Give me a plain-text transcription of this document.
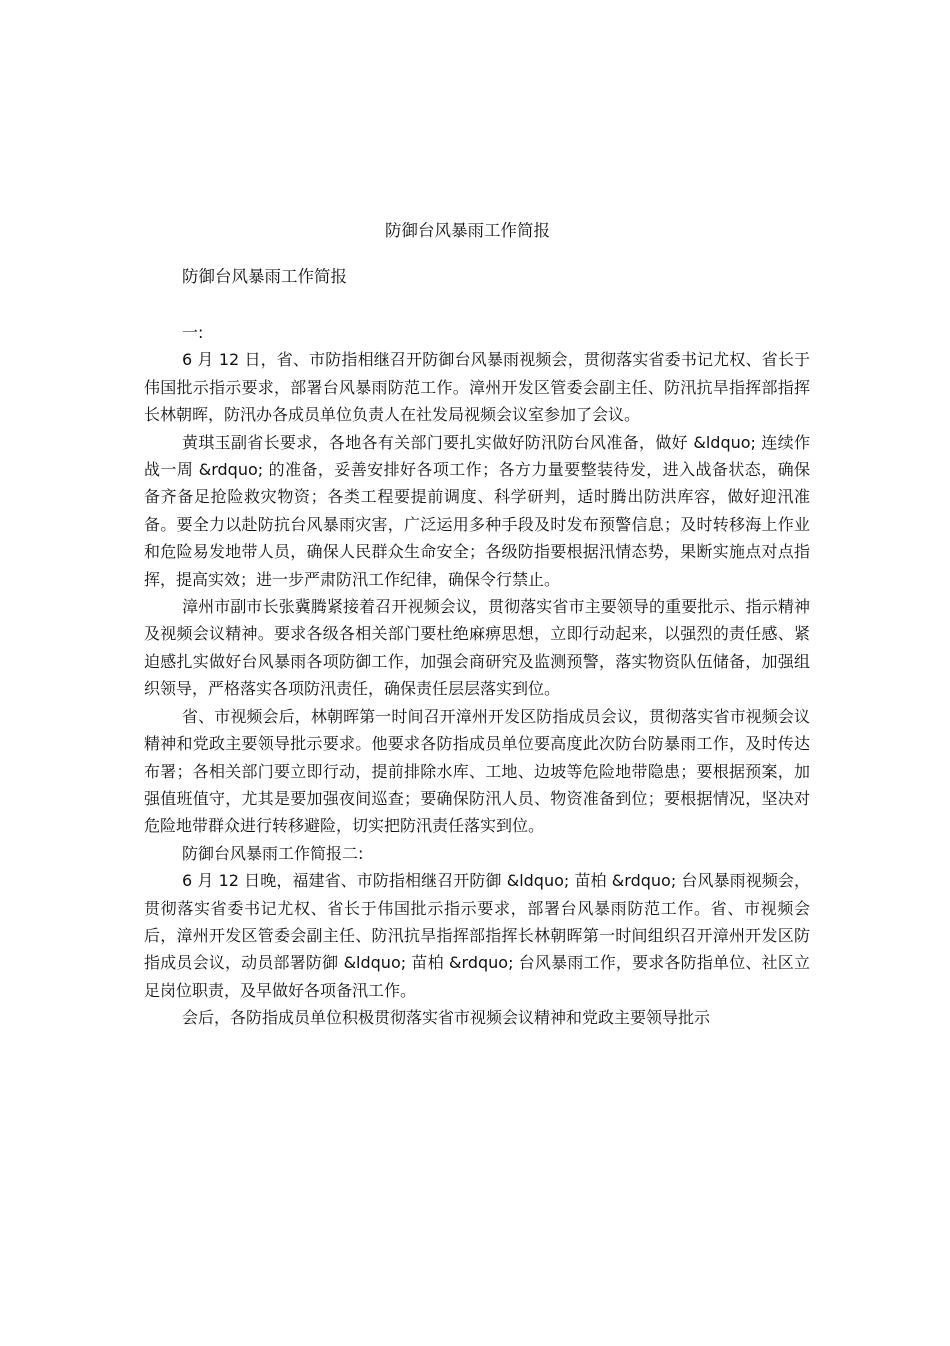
防御台风暴雨工作简报
防御台风暴雨工作简报

一:

6 月 12 日，省、市防指相继召开防御台风暴雨视频会，贯彻落实省委书记尤权、省长于伟国批示指示要求，部署台风暴雨防范工作。漳州开发区管委会副主任、防汛抗旱指挥部指挥长林朝晖，防汛办各成员单位负责人在社发局视频会议室参加了会议。

黄琪玉副省长要求，各地各有关部门要扎实做好防汛防台风准备，做好 &ldquo; 连续作战一周 &rdquo; 的准备，妥善安排好各项工作；各方力量要整装待发，进入战备状态，确保备齐备足抢险救灾物资；各类工程要提前调度、科学研判，适时腾出防洪库容，做好迎汛准备。要全力以赴防抗台风暴雨灾害，广泛运用多种手段及时发布预警信息；及时转移海上作业和危险易发地带人员，确保人民群众生命安全；各级防指要根据汛情态势，果断实施点对点指挥，提高实效；进一步严肃防汛工作纪律，确保令行禁止。

漳州市副市长张冀腾紧接着召开视频会议，贯彻落实省市主要领导的重要批示、指示精神及视频会议精神。要求各级各相关部门要杜绝麻痹思想，立即行动起来，以强烈的责任感、紧迫感扎实做好台风暴雨各项防御工作，加强会商研究及监测预警，落实物资队伍储备，加强组织领导，严格落实各项防汛责任，确保责任层层落实到位。

省、市视频会后，林朝晖第一时间召开漳州开发区防指成员会议，贯彻落实省市视频会议精神和党政主要领导批示要求。他要求各防指成员单位要高度此次防台防暴雨工作，及时传达布署；各相关部门要立即行动，提前排除水库、工地、边坡等危险地带隐患；要根据预案，加强值班值守，尤其是要加强夜间巡查；要确保防汛人员、物资准备到位；要根据情况，坚决对危险地带群众进行转移避险，切实把防汛责任落实到位。

防御台风暴雨工作简报二:

6 月 12 日晚，福建省、市防指相继召开防御 &ldquo; 苗柏 &rdquo; 台风暴雨视频会，贯彻落实省委书记尤权、省长于伟国批示指示要求，部署台风暴雨防范工作。省、市视频会后，漳州开发区管委会副主任、防汛抗旱指挥部指挥长林朝晖第一时间组织召开漳州开发区防指成员会议，动员部署防御 &ldquo; 苗柏 &rdquo; 台风暴雨工作，要求各防指单位、社区立足岗位职责，及早做好各项备汛工作。

会后，各防指成员单位积极贯彻落实省市视频会议精神和党政主要领导批示
